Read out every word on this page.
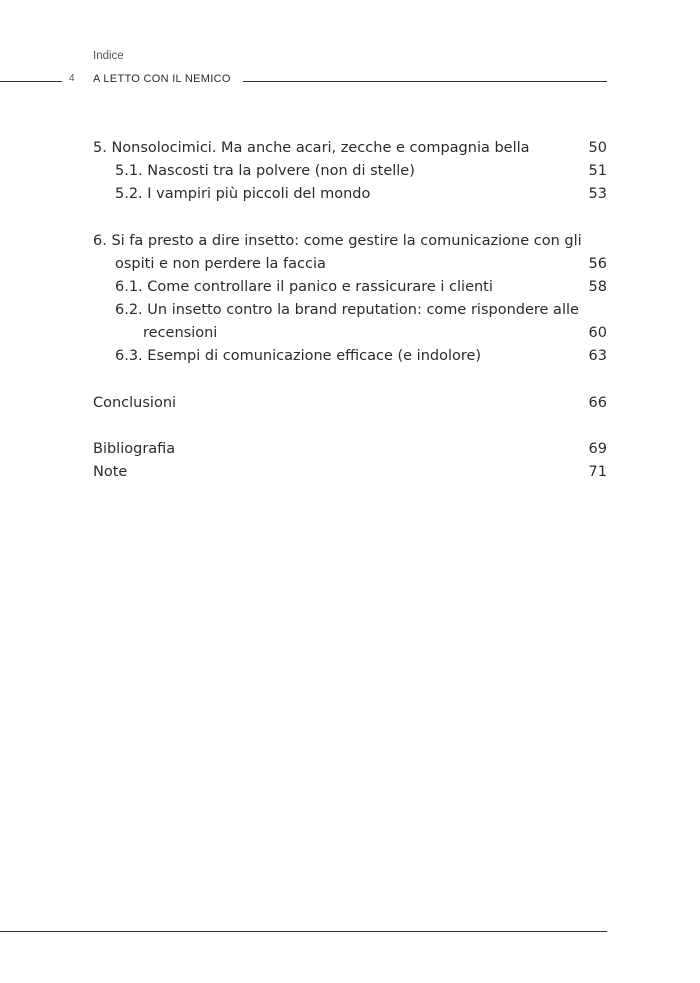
Indice
4 A LETTO CON IL NEMICO
5. Nonsolocimici. Ma anche acari, zecche e compagnia bella	50
5.1. Nascosti tra la polvere (non di stelle)	51
5.2. I vampiri più piccoli del mondo	53
6. Si fa presto a dire insetto: come gestire la comunicazione con gli
ospiti e non perdere la faccia	56
6.1. Come controllare il panico e rassicurare i clienti	58
6.2. Un insetto contro la brand reputation: come rispondere alle
recensioni	60
6.3. Esempi di comunicazione efficace (e indolore)	63
Conclusioni	66
Bibliografia	69
Note	71
